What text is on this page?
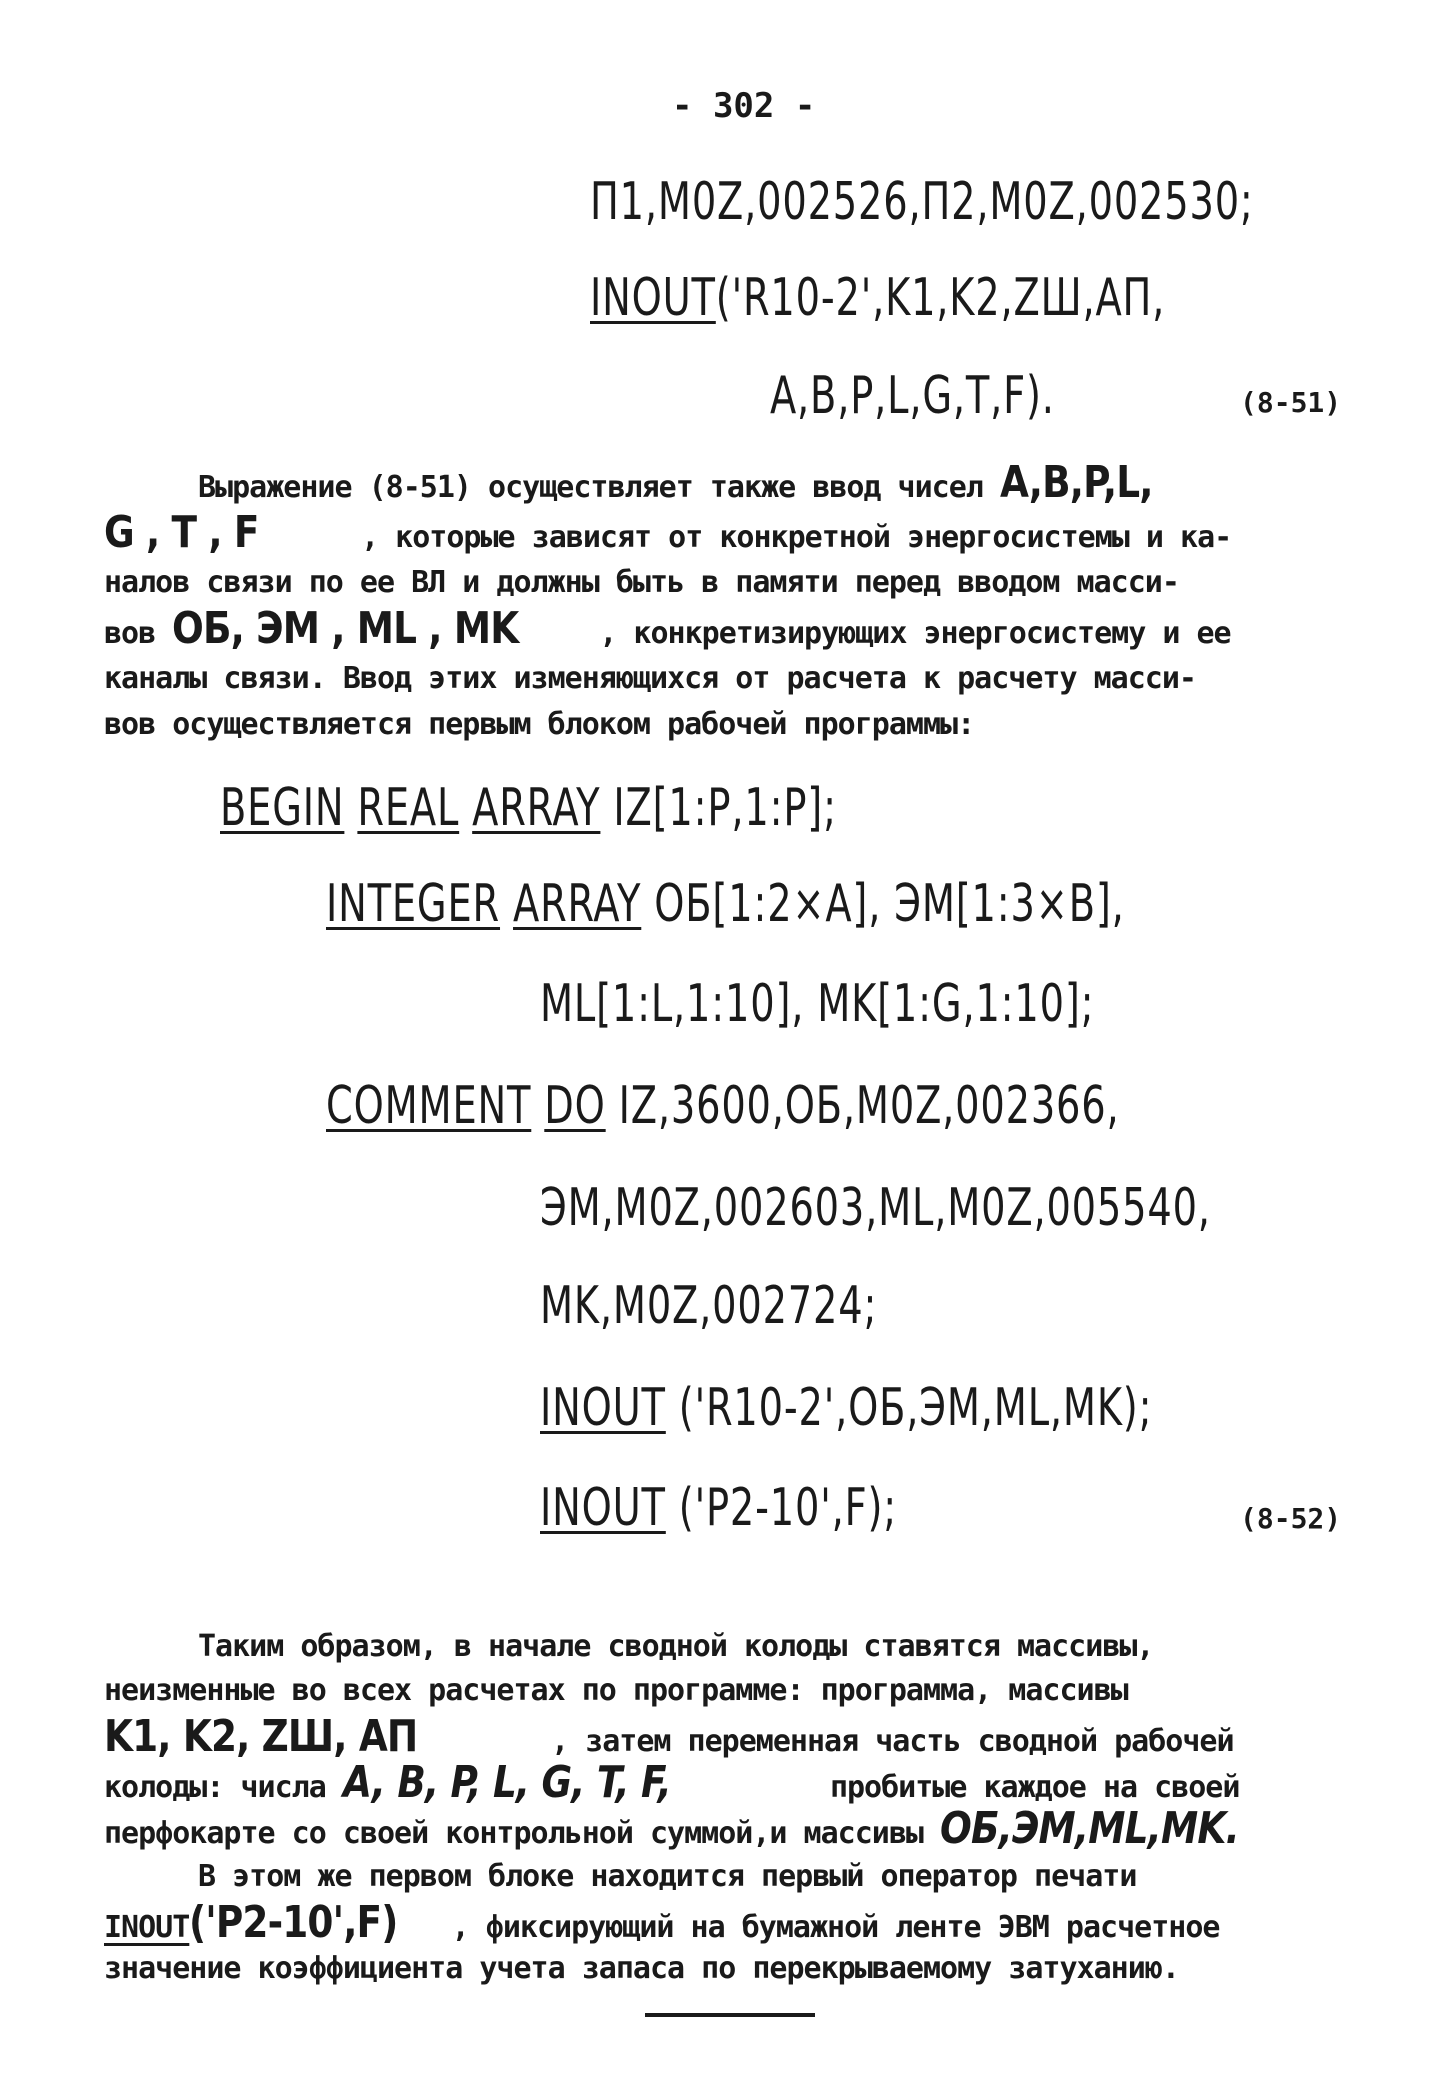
- 302 -
П1,M0Z,002526,П2,M0Z,002530;
INOUT('R10-2',K1,K2,ZШ,АП,
A,B,P,L,G,T,F).	(8-51)
Выражение (8-51) осуществляет также ввод чисел A,B,P,L,
G , T , F	, которые зависят от конкретной энергосистемы и ка-
налов связи по ее ВЛ и должны быть в памяти перед вводом масси-
вов ОБ, ЭМ , ML , MK	, конкретизирующих энергосистему и ее
каналы связи. Ввод этих изменяющихся от расчета к расчету масси-
вов осуществляется первым блоком рабочей программы:
BEGIN REAL ARRAY IZ[1:P,1:P];
INTEGER ARRAY ОБ[1:2×A], ЭМ[1:3×B],
ML[1:L,1:10], MK[1:G,1:10];
COMMENT DO IZ,3600,ОБ,M0Z,002366,
ЭМ,M0Z,002603,ML,M0Z,005540,
MK,M0Z,002724;
INOUT ('R10-2',ОБ,ЭМ,ML,MK);
INOUT ('P2-10',F);	(8-52)
Таким образом, в начале сводной колоды ставятся массивы,
неизменные во всех расчетах по программе: программа, массивы
K1, K2, ZШ, АП	, затем переменная часть сводной рабочей
колоды: числа A, B, P, L, G, T, F,	пробитые каждое на своей
перфокарте со своей контрольной суммой,и массивы ОБ,ЭМ,ML,MK.
В этом же первом блоке находится первый оператор печати
INOUT('P2-10',F) , фиксирующий на бумажной ленте ЭВМ расчетное
значение коэффициента учета запаса по перекрываемому затуханию.
